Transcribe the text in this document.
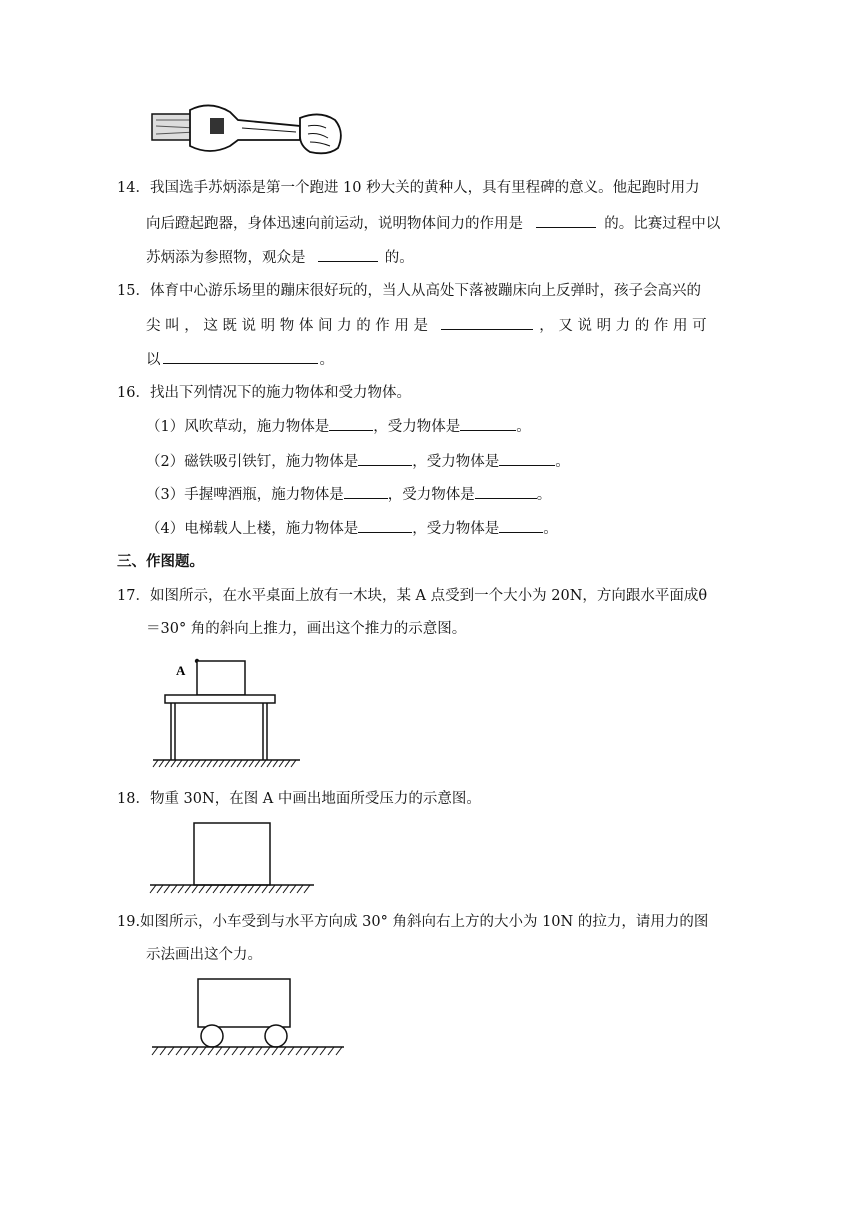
14．我国选手苏炳添是第一个跑进 10 秒大关的黄种人，具有里程碑的意义。他起跑时用力
向后蹬起跑器，身体迅速向前运动，说明物体间力的作用是	的。比赛过程中以
苏炳添为参照物，观众是	的。
15．体育中心游乐场里的蹦床很好玩的，当人从高处下落被蹦床向上反弹时，孩子会高兴的
尖 叫 ， 这 既 说 明 物 体 间 力 的 作 用 是	， 又 说 明 力 的 作 用 可
以	。
16．找出下列情况下的施力物体和受力物体。
（1）风吹草动，施力物体是	，受力物体是	。
（2）磁铁吸引铁钉，施力物体是	，受力物体是	。
（3）手握啤酒瓶，施力物体是	，受力物体是	。
（4）电梯载人上楼，施力物体是	，受力物体是	。
三、作图题。
17．如图所示，在水平桌面上放有一木块，某 A 点受到一个大小为 20N，方向跟水平面成θ
＝30° 角的斜向上推力，画出这个推力的示意图。
A
18．物重 30N，在图 A 中画出地面所受压力的示意图。
19.如图所示，小车受到与水平方向成 30° 角斜向右上方的大小为 10N 的拉力，请用力的图
示法画出这个力。
